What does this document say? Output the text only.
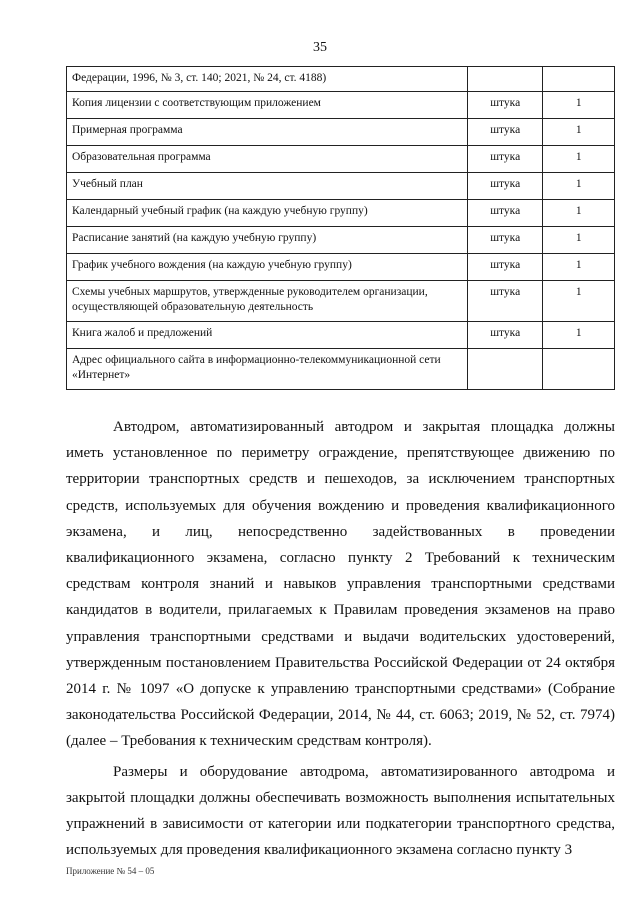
35
Федерации, 1996, № 3, ст. 140; 2021, № 24, ст. 4188)		
Копия лицензии с соответствующим приложением	штука	1
Примерная программа	штука	1
Образовательная программа	штука	1
Учебный план	штука	1
Календарный учебный график (на каждую учебную группу)	штука	1
Расписание занятий (на каждую учебную группу)	штука	1
График учебного вождения (на каждую учебную группу)	штука	1
Схемы учебных маршрутов, утвержденные руководителем организации, осуществляющей образовательную деятельность	штука	1
Книга жалоб и предложений	штука	1
Адрес официального сайта в информационно-телекоммуникационной сети «Интернет»		

Автодром, автоматизированный автодром и закрытая площадка должны иметь установленное по периметру ограждение, препятствующее движению по территории транспортных средств и пешеходов, за исключением транспортных средств, используемых для обучения вождению и проведения квалификационного экзамена, и лиц, непосредственно задействованных в проведении квалификационного экзамена, согласно пункту 2 Требований к техническим средствам контроля знаний и навыков управления транспортными средствами кандидатов в водители, прилагаемых к Правилам проведения экзаменов на право управления транспортными средствами и выдачи водительских удостоверений, утвержденным постановлением Правительства Российской Федерации от 24 октября 2014 г. № 1097 «О допуске к управлению транспортными средствами» (Собрание законодательства Российской Федерации, 2014, № 44, ст. 6063; 2019, № 52, ст. 7974) (далее – Требования к техническим средствам контроля).

Размеры и оборудование автодрома, автоматизированного автодрома и закрытой площадки должны обеспечивать возможность выполнения испытательных упражнений в зависимости от категории или подкатегории транспортного средства, используемых для проведения квалификационного экзамена согласно пункту 3

Приложение № 54 – 05
